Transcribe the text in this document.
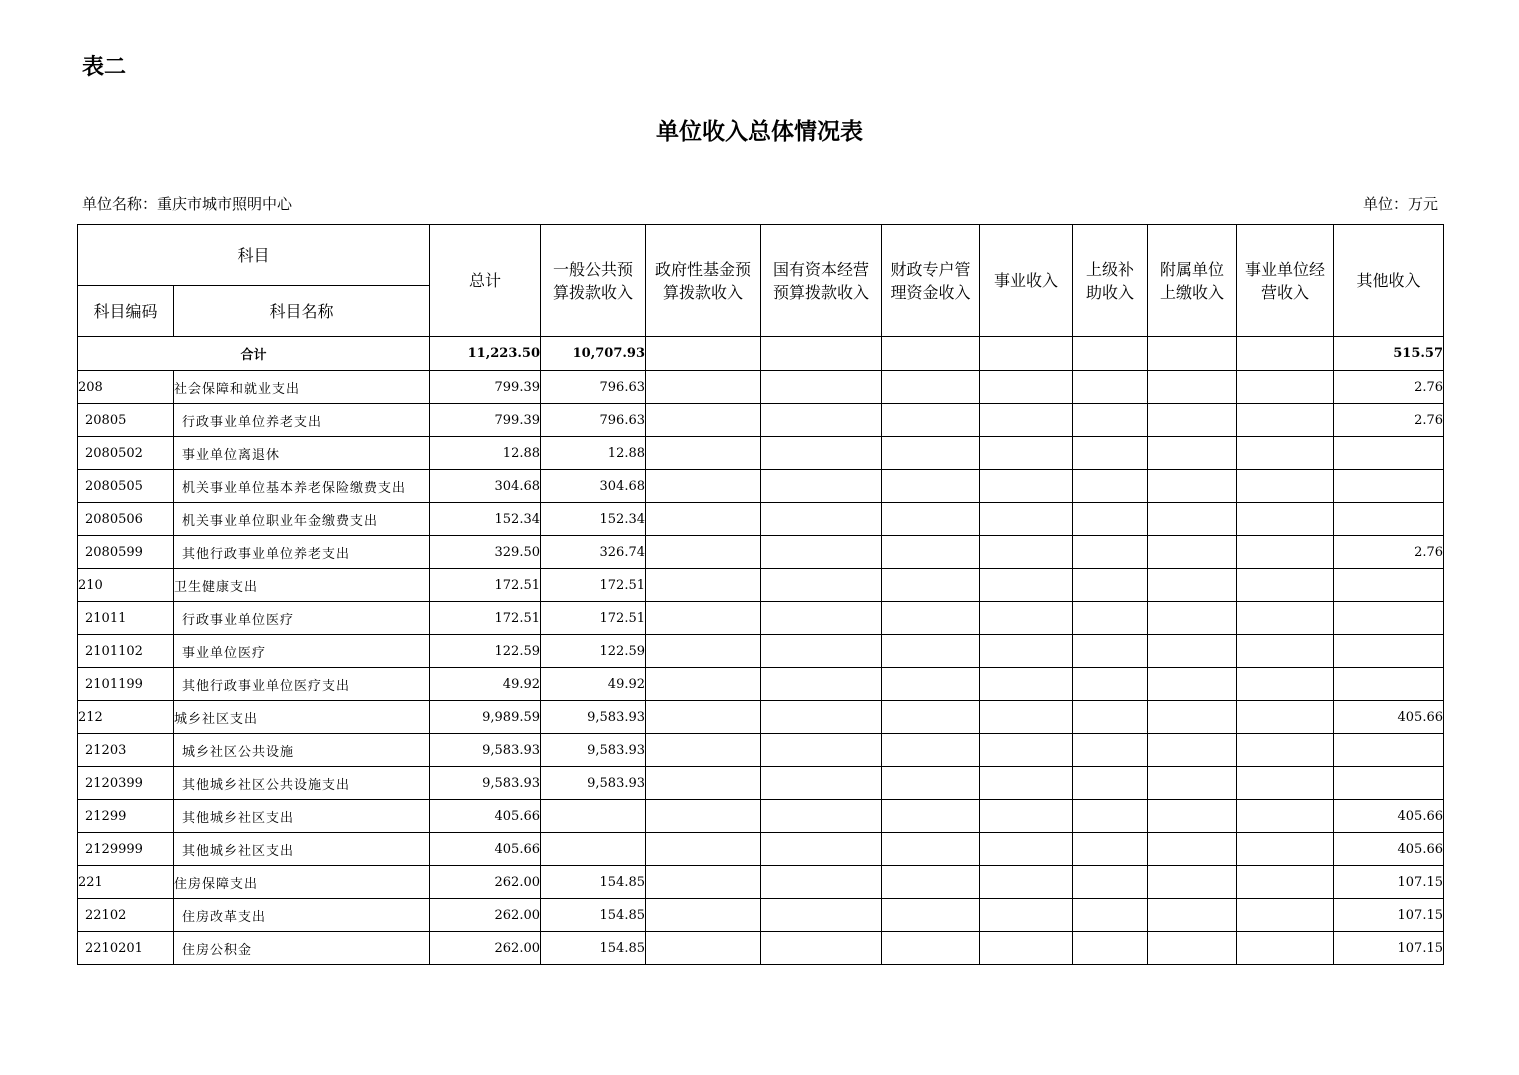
表二
单位收入总体情况表
单位名称：重庆市城市照明中心	单位：万元
科目		总计	一般公共预算拨款收入	政府性基金预算拨款收入	国有资本经营预算拨款收入	财政专户管理资金收入	事业收入	上级补助收入	附属单位上缴收入	事业单位经营收入	其他收入
科目编码	科目名称										
合计		11,223.50	10,707.93								515.57
208	社会保障和就业支出	799.39	796.63								2.76
20805	行政事业单位养老支出	799.39	796.63								2.76
2080502	事业单位离退休	12.88	12.88								
2080505	机关事业单位基本养老保险缴费支出	304.68	304.68								
2080506	机关事业单位职业年金缴费支出	152.34	152.34								
2080599	其他行政事业单位养老支出	329.50	326.74								2.76
210	卫生健康支出	172.51	172.51								
21011	行政事业单位医疗	172.51	172.51								
2101102	事业单位医疗	122.59	122.59								
2101199	其他行政事业单位医疗支出	49.92	49.92								
212	城乡社区支出	9,989.59	9,583.93								405.66
21203	城乡社区公共设施	9,583.93	9,583.93								
2120399	其他城乡社区公共设施支出	9,583.93	9,583.93								
21299	其他城乡社区支出	405.66									405.66
2129999	其他城乡社区支出	405.66									405.66
221	住房保障支出	262.00	154.85								107.15
22102	住房改革支出	262.00	154.85								107.15
2210201	住房公积金	262.00	154.85								107.15
